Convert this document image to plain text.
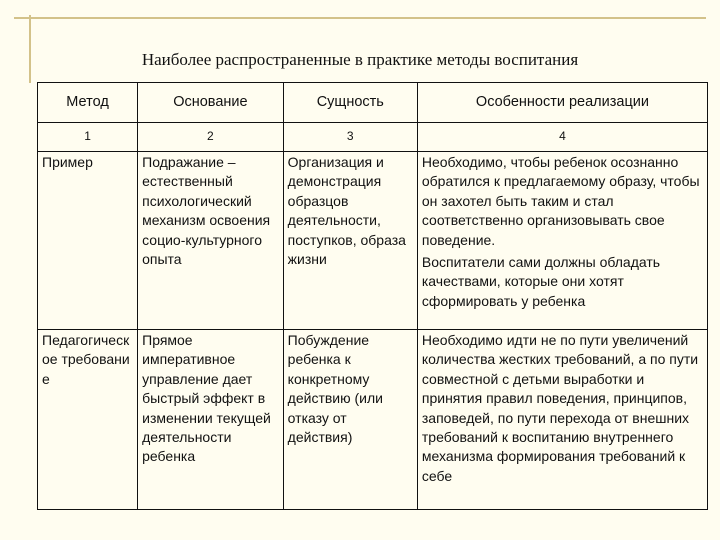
Наиболее распространенные в практике методы воспитания
Метод	Основание	Сущность	Особенности реализации
1	2	3	4
Пример	Подражание – естественный психологический механизм освоения социо-культурного опыта	Организация и демонстрация образцов деятельности, поступков, образа жизни	Необходимо, чтобы ребенок осознанно обратился к предлагаемому образу, чтобы он захотел быть таким и стал соответственно организовывать свое поведение.

Воспитатели сами должны обладать качествами, которые они хотят сформировать у ребенка

Педагогическое требование	Прямое императивное управление дает быстрый эффект в изменении текущей деятельности ребенка	Побуждение ребенка к конкретному действию (или отказу от действия)	Необходимо идти не по пути увеличений количества жестких требований, а по пути совместной с детьми выработки и принятия правил поведения, принципов, заповедей, по пути перехода от внешних требований к воспитанию внутреннего механизма формирования требований к себе
